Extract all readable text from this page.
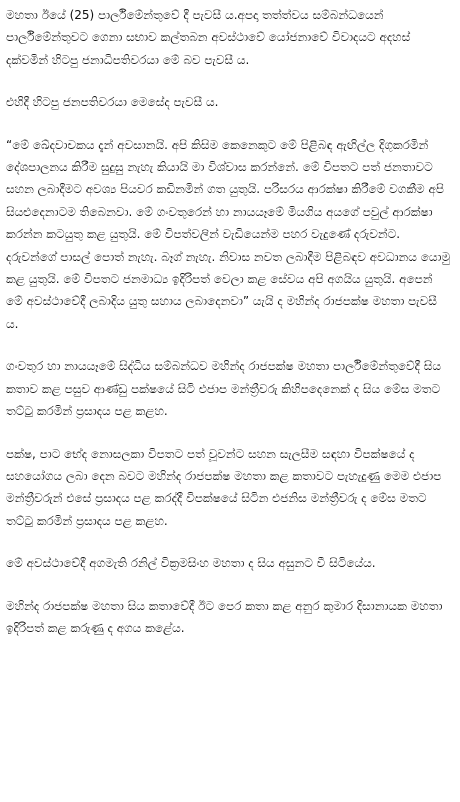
මහතා ඊයේ (25) පාර්ලිමේන්තුවේ දී පැවසී ය.අපදා තත්ත්වය සම්බන්ධයෙන් පාර්ලිමේන්තුවට ගෙනා සභාව කල්තබන අවස්ථාවේ යෝජනාවේ විවාදයට අදහස් දක්වමින් හිටපු ජනාධිපතිවරයා මේ බව පැවසී ය.

එහිදී හිටපු ජනපතිවරයා මෙසේද පැවසී ය.

“මේ ඛේදවාචකය දැන් අවසානයි. අපි කිසිම කෙනෙකුට මේ පිළිබඳ ඇඟිල්ල දිගුකරමින් දේශපාලනය කිරීම සුදුසු නැහැ කියායි මා විශ්වාස කරන්නේ. මේ විපතට පත් ජනතාවට සහන ලබාදීමට අවශ්‍ය පියවර කඩිනමින් ගත යුතුයි. පරිසරය ආරක්ෂා කිරීමේ වගකීම අපි සියළුදෙනාටම තිබෙනවා. මේ ගංවතුරෙන් හා නායයෑමේ මියගිය අයගේ පවුල් ආරක්ෂා කරන්න කටයුතු කළ යුතුයි. මේ විපත්වලින් වැඩියෙන්ම පහර වැදුණේ දරුවන්ට. දරුවන්ගේ පාසල් පොත් නැහැ. බෑග් නැහැ. නිවාස නවත ලබාදීම පිළිබඳව අවධානය යොමු කළ යුතුයි. මේ විපතට ජනමාධ්‍ය ඉදිරිපත් වෙලා කළ සේවය අපි අගයිය යුතුයි. අපෙන් මේ අවස්ථාවේදී ලබාදිය යුතු සහාය ලබාදෙනවා” යැයි ද මහින්ද රාජපක්ෂ මහතා පැවසී ය.

ගංවතුර හා නායයෑමේ සිද්ධිය සම්බන්ධව මහින්ද රාජපක්ෂ මහතා පාර්ලිමේන්තුවේදී සිය කතාව කළ පසුව ආණ්ඩු පක්ෂයේ සිටි එජාප මන්ත්‍රීවරු කිහිපදෙනෙක් ද සිය මේස මතට තට්ටු කරමින් ප්‍රසාදය පළ කළහ.

පක්ෂ, පාට භේද නොසලකා විපතට පත් වූවන්ට සහන සැලසීම සඳහා විපක්ෂයේ ද සහයෝගය ලබා දෙන බවට මහින්ද රාජපක්ෂ මහතා කළ කතාවට පැහැදුණු මෙම එජාප මන්ත්‍රීවරුන් එසේ ප්‍රසාදය පළ කරද්දී විපක්ෂයේ සිටින එජනිස මන්ත්‍රීවරු ද මේස මතට තට්ටු කරමින් ප්‍රසාදය පළ කළහ.

මේ අවස්ථාවේදී අගමැති රනිල් වික්‍රමසිංහ මහතා ද සිය අසුනට වී සිටියේය.

මහින්ද රාජපක්ෂ මහතා සිය කතාවේදී ඊට පෙර කතා කළ අනුර කුමාර දිසානායක මහතා ඉදිරිපත් කළ කරුණු ද අගය කළේය.
